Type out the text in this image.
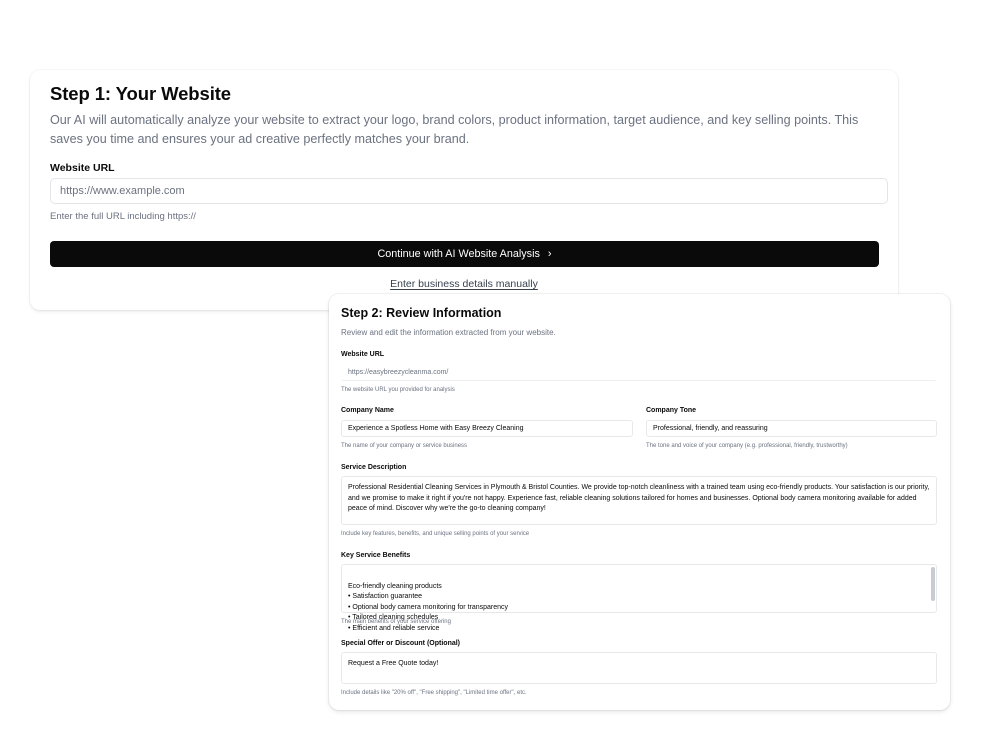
Step 1: Your Website

Our AI will automatically analyze your website to extract your logo, brand colors, product information, target audience, and key selling points. This saves you time and ensures your ad creative perfectly matches your brand.

Website URL
https://www.example.com
Enter the full URL including https://
Continue with AI Website Analysis ›
Enter business details manually
Step 2: Review Information
Review and edit the information extracted from your website.
Website URL
https://easybreezycleanma.com/
The website URL you provided for analysis
Company Name
Experience a Spotless Home with Easy Breezy Cleaning
The name of your company or service business
Company Tone
Professional, friendly, and reassuring
The tone and voice of your company (e.g. professional, friendly, trustworthy)
Service Description
Professional Residential Cleaning Services in Plymouth & Bristol Counties. We provide top-notch cleanliness with a trained team using eco-friendly products. Your satisfaction is our priority, and we promise to make it right if you're not happy. Experience fast, reliable cleaning solutions tailored for homes and businesses. Optional body camera monitoring available for added peace of mind. Discover why we're the go-to cleaning company!
Include key features, benefits, and unique selling points of your service
Key Service Benefits

Eco-friendly cleaning products
• Satisfaction guarantee
• Optional body camera monitoring for transparency
• Tailored cleaning schedules
• Efficient and reliable service

The main benefits of your service offering
Special Offer or Discount (Optional)
Request a Free Quote today!
Include details like "20% off", "Free shipping", "Limited time offer", etc.
